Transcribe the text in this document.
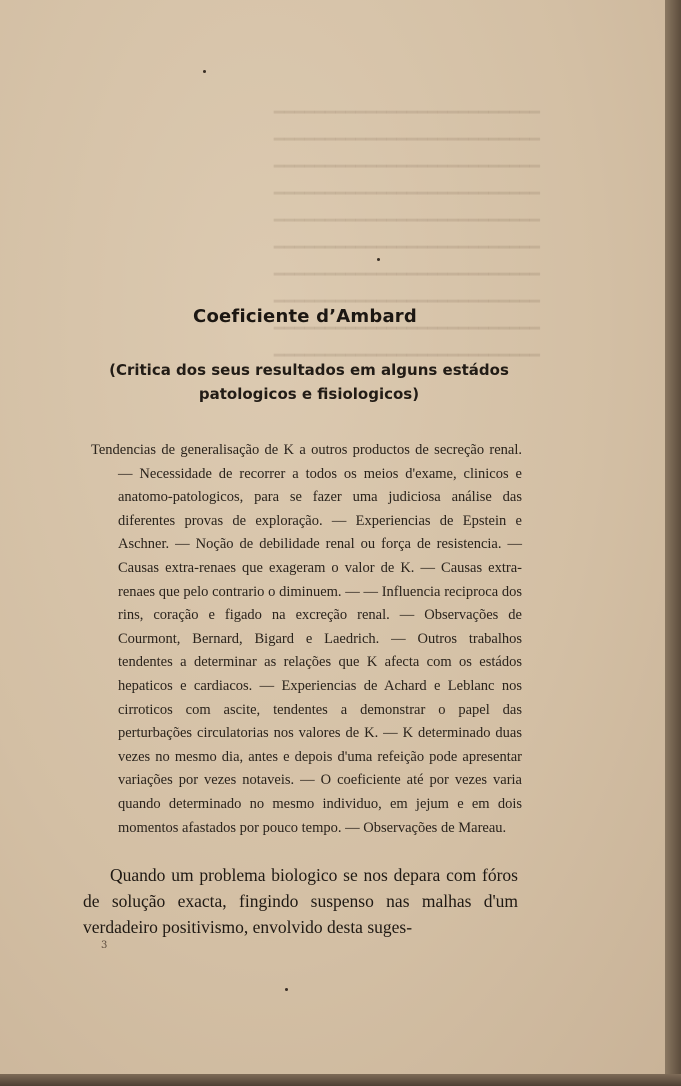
━━━━━━━━━━━━━━━━━━━━━━━━━━
━━━━━━━━━━━━━━━━━━━━━━━━━━
━━━━━━━━━━━━━━━━━━━━━━━━━━
━━━━━━━━━━━━━━━━━━━━━━━━━━
━━━━━━━━━━━━━━━━━━━━━━━━━━
━━━━━━━━━━━━━━━━━━━━━━━━━━
━━━━━━━━━━━━━━━━━━━━━━━━━━
━━━━━━━━━━━━━━━━━━━━━━━━━━
━━━━━━━━━━━━━━━━━━━━━━━━━━
━━━━━━━━━━━━━━━━━━━━━━━━━━
Coeficiente d’Ambard
(Critica dos seus resultados em alguns estádos patologicos e fisiologicos)
Tendencias de generalisação de K a outros productos de secreção renal. — Necessidade de recorrer a todos os meios d'exame, clinicos e anatomo-patologicos, para se fazer uma judiciosa análise das diferentes provas de exploração. — Experiencias de Epstein e Aschner. — Noção de debilidade renal ou força de resistencia. — Causas extra-renaes que exageram o valor de K. — Causas extra-renaes que pelo contrario o diminuem. — — Influencia reciproca dos rins, coração e figado na excreção renal. — Observações de Courmont, Bernard, Bigard e Laedrich. — Outros trabalhos tendentes a determinar as relações que K afecta com os estádos hepaticos e cardiacos. — Experiencias de Achard e Leblanc nos cirroticos com ascite, tendentes a demonstrar o papel das perturbações circulatorias nos valores de K. — K determinado duas vezes no mesmo dia, antes e depois d'uma refeição pode apresentar variações por vezes notaveis. — O coeficiente até por vezes varia quando determinado no mesmo individuo, em jejum e em dois momentos afastados por pouco tempo. — Observações de Mareau.
Quando um problema biologico se nos depara com fóros de solução exacta, fingindo suspenso nas malhas d'um verdadeiro positivismo, envolvido desta suges-
3
